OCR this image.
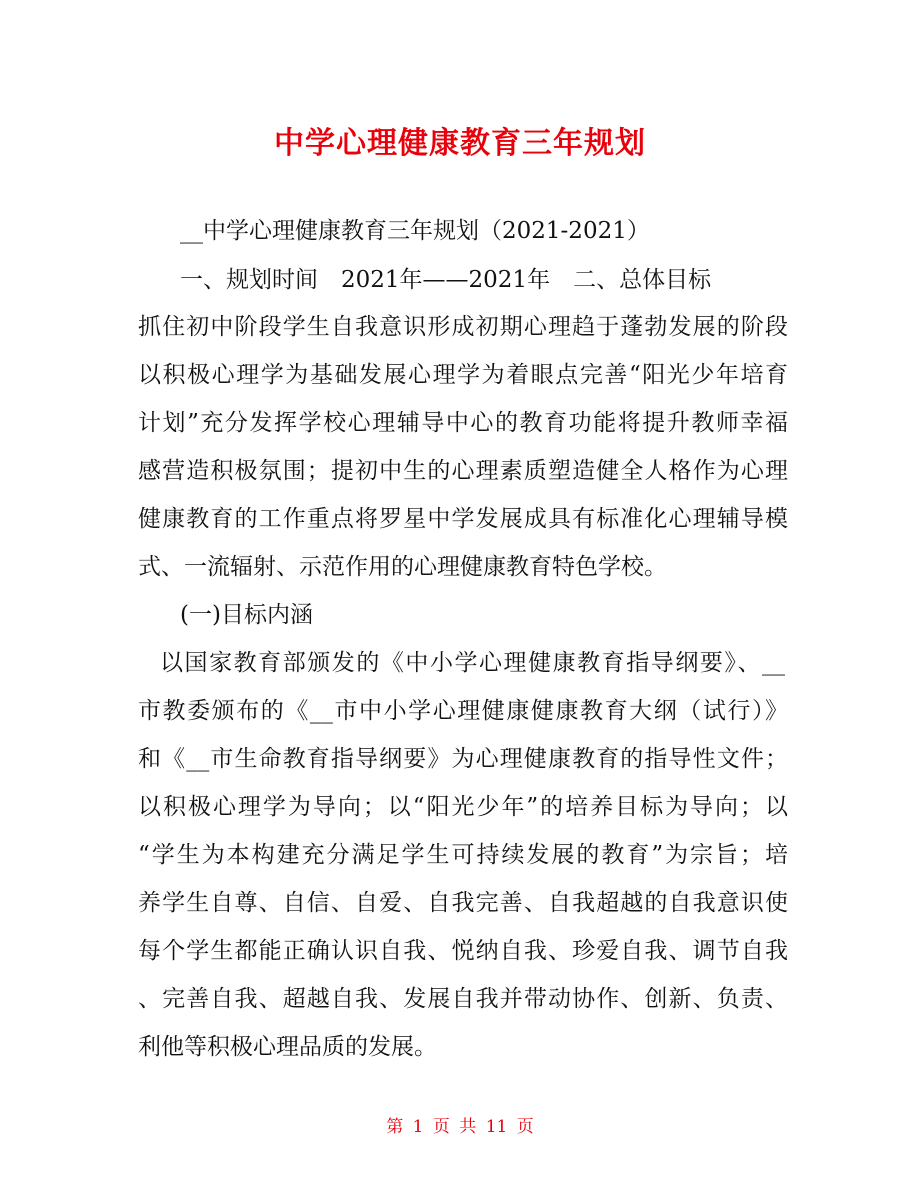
中学心理健康教育三年规划
__中学心理健康教育三年规划（2021-2021）
一、规划时间　2021年——2021年　二、总体目标
抓住初中阶段学生自我意识形成初期心理趋于蓬勃发展的阶段
以积极心理学为基础发展心理学为着眼点完善“阳光少年培育
计划”充分发挥学校心理辅导中心的教育功能将提升教师幸福
感营造积极氛围；提初中生的心理素质塑造健全人格作为心理
健康教育的工作重点将罗星中学发展成具有标准化心理辅导模
式、一流辐射、示范作用的心理健康教育特色学校。
(一)目标内涵
以国家教育部颁发的《中小学心理健康教育指导纲要》、__
市教委颁布的《__市中小学心理健康健康教育大纲（试行）》
和《__市生命教育指导纲要》为心理健康教育的指导性文件；
以积极心理学为导向；以“阳光少年”的培养目标为导向；以
“学生为本构建充分满足学生可持续发展的教育”为宗旨；培
养学生自尊、自信、自爱、自我完善、自我超越的自我意识使
每个学生都能正确认识自我、悦纳自我、珍爱自我、调节自我
、完善自我、超越自我、发展自我并带动协作、创新、负责、
利他等积极心理品质的发展。
第 1 页 共 11 页
